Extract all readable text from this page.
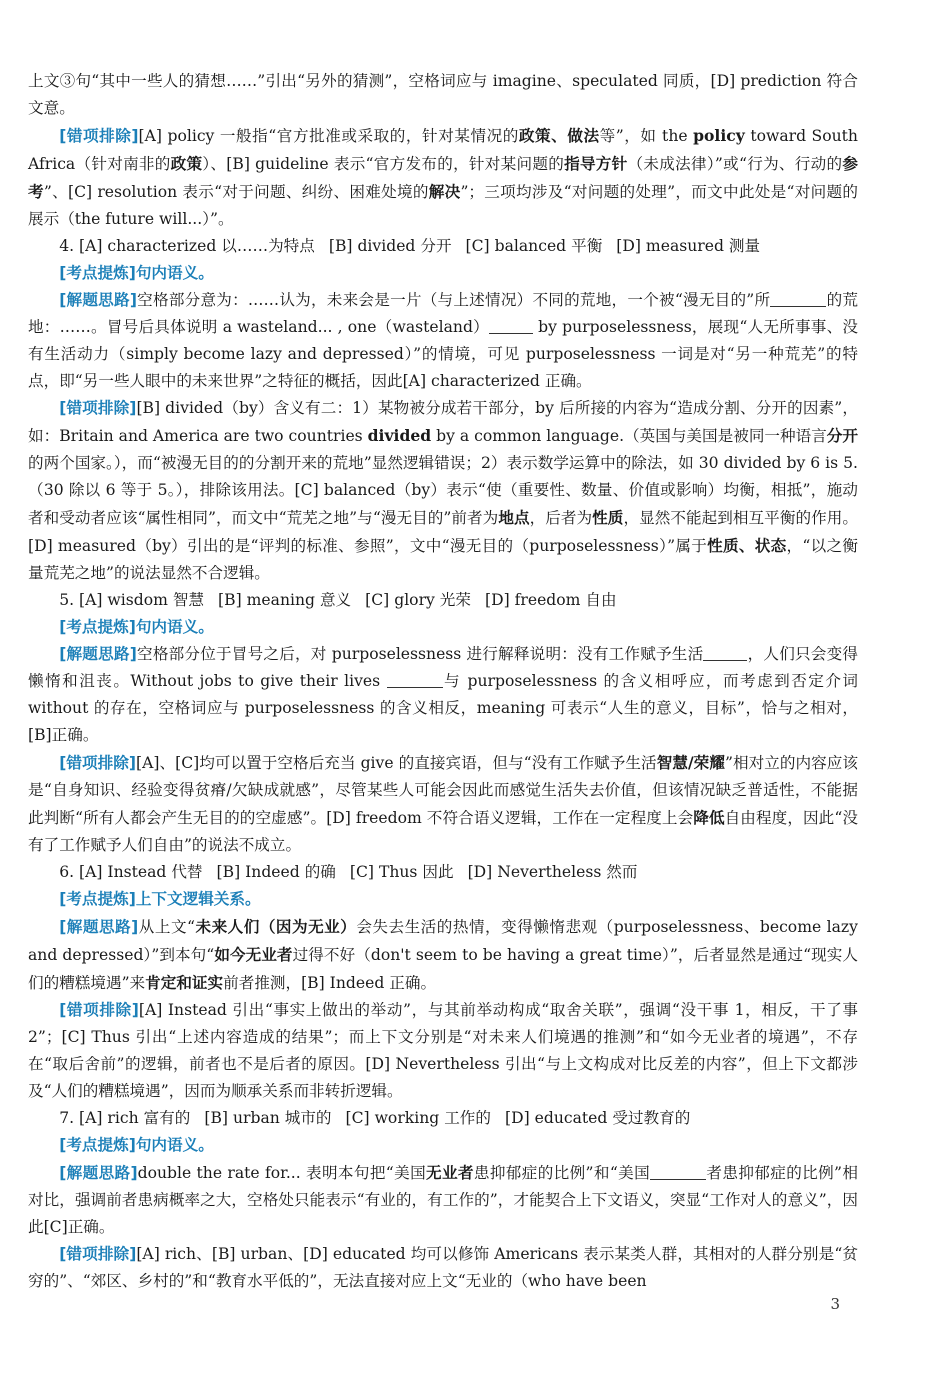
上文③句“其中一些人的猜想……”引出“另外的猜测”，空格词应与 imagine、speculated 同质，[D] prediction 符合文意。

[错项排除][A] policy 一般指“官方批准或采取的，针对某情况的政策、做法等”，如 the policy toward South Africa（针对南非的政策）、[B] guideline 表示“官方发布的，针对某问题的指导方针（未成法律）”或“行为、行动的参考”、[C] resolution 表示“对于问题、纠纷、困难处境的解决”；三项均涉及“对问题的处理”，而文中此处是“对问题的展示（the future will...）”。

4. [A] characterized 以……为特点 [B] divided 分开 [C] balanced 平衡 [D] measured 测量

[考点提炼]句内语义。

[解题思路]空格部分意为：……认为，未来会是一片（与上述情况）不同的荒地，一个被“漫无目的”所	的荒地：……。冒号后具体说明 a wasteland... , one（wasteland）	by purposelessness，展现“人无所事事、没有生活动力（simply become lazy and depressed）”的情境，可见 purposelessness 一词是对“另一种荒芜”的特点，即“另一些人眼中的未来世界”之特征的概括，因此[A] characterized 正确。

[错项排除][B] divided（by）含义有二：1）某物被分成若干部分，by 后所接的内容为“造成分割、分开的因素”，如：Britain and America are two countries divided by a common language.（英国与美国是被同一种语言分开的两个国家。），而“被漫无目的的分割开来的荒地”显然逻辑错误；2）表示数学运算中的除法，如 30 divided by 6 is 5.（30 除以 6 等于 5。），排除该用法。[C] balanced（by）表示“使（重要性、数量、价值或影响）均衡，相抵”，施动者和受动者应该“属性相同”，而文中“荒芜之地”与“漫无目的”前者为地点，后者为性质，显然不能起到相互平衡的作用。[D] measured（by）引出的是“评判的标准、参照”，文中“漫无目的（purposelessness）”属于性质、状态，“以之衡量荒芜之地”的说法显然不合逻辑。

5. [A] wisdom 智慧 [B] meaning 意义 [C] glory 光荣 [D] freedom 自由

[考点提炼]句内语义。

[解题思路]空格部分位于冒号之后，对 purposelessness 进行解释说明：没有工作赋予生活	，人们只会变得懒惰和沮丧。Without jobs to give their lives	与 purposelessness 的含义相呼应，而考虑到否定介词 without 的存在，空格词应与 purposelessness 的含义相反，meaning 可表示“人生的意义，目标”，恰与之相对，[B]正确。

[错项排除][A]、[C]均可以置于空格后充当 give 的直接宾语，但与“没有工作赋予生活智慧/荣耀”相对立的内容应该是“自身知识、经验变得贫瘠/欠缺成就感”，尽管某些人可能会因此而感觉生活失去价值，但该情况缺乏普适性，不能据此判断“所有人都会产生无目的的空虚感”。[D] freedom 不符合语义逻辑，工作在一定程度上会降低自由程度，因此“没有了工作赋予人们自由”的说法不成立。

6. [A] Instead 代替 [B] Indeed 的确 [C] Thus 因此 [D] Nevertheless 然而

[考点提炼]上下文逻辑关系。

[解题思路]从上文“未来人们（因为无业）会失去生活的热情，变得懒惰悲观（purposelessness、become lazy and depressed）”到本句“如今无业者过得不好（don't seem to be having a great time）”，后者显然是通过“现实人们的糟糕境遇”来肯定和证实前者推测，[B] Indeed 正确。

[错项排除][A] Instead 引出“事实上做出的举动”，与其前举动构成“取舍关联”，强调“没干事 1，相反，干了事 2”；[C] Thus 引出“上述内容造成的结果”；而上下文分别是“对未来人们境遇的推测”和“如今无业者的境遇”，不存在“取后舍前”的逻辑，前者也不是后者的原因。[D] Nevertheless 引出“与上文构成对比反差的内容”，但上下文都涉及“人们的糟糕境遇”，因而为顺承关系而非转折逻辑。

7. [A] rich 富有的 [B] urban 城市的 [C] working 工作的 [D] educated 受过教育的

[考点提炼]句内语义。

[解题思路]double the rate for... 表明本句把“美国无业者患抑郁症的比例”和“美国	者患抑郁症的比例”相对比，强调前者患病概率之大，空格处只能表示“有业的，有工作的”，才能契合上下文语义，突显“工作对人的意义”，因此[C]正确。

[错项排除][A] rich、[B] urban、[D] educated 均可以修饰 Americans 表示某类人群，其相对的人群分别是“贫穷的”、“郊区、乡村的”和“教育水平低的”，无法直接对应上文“无业的（who have been

3
